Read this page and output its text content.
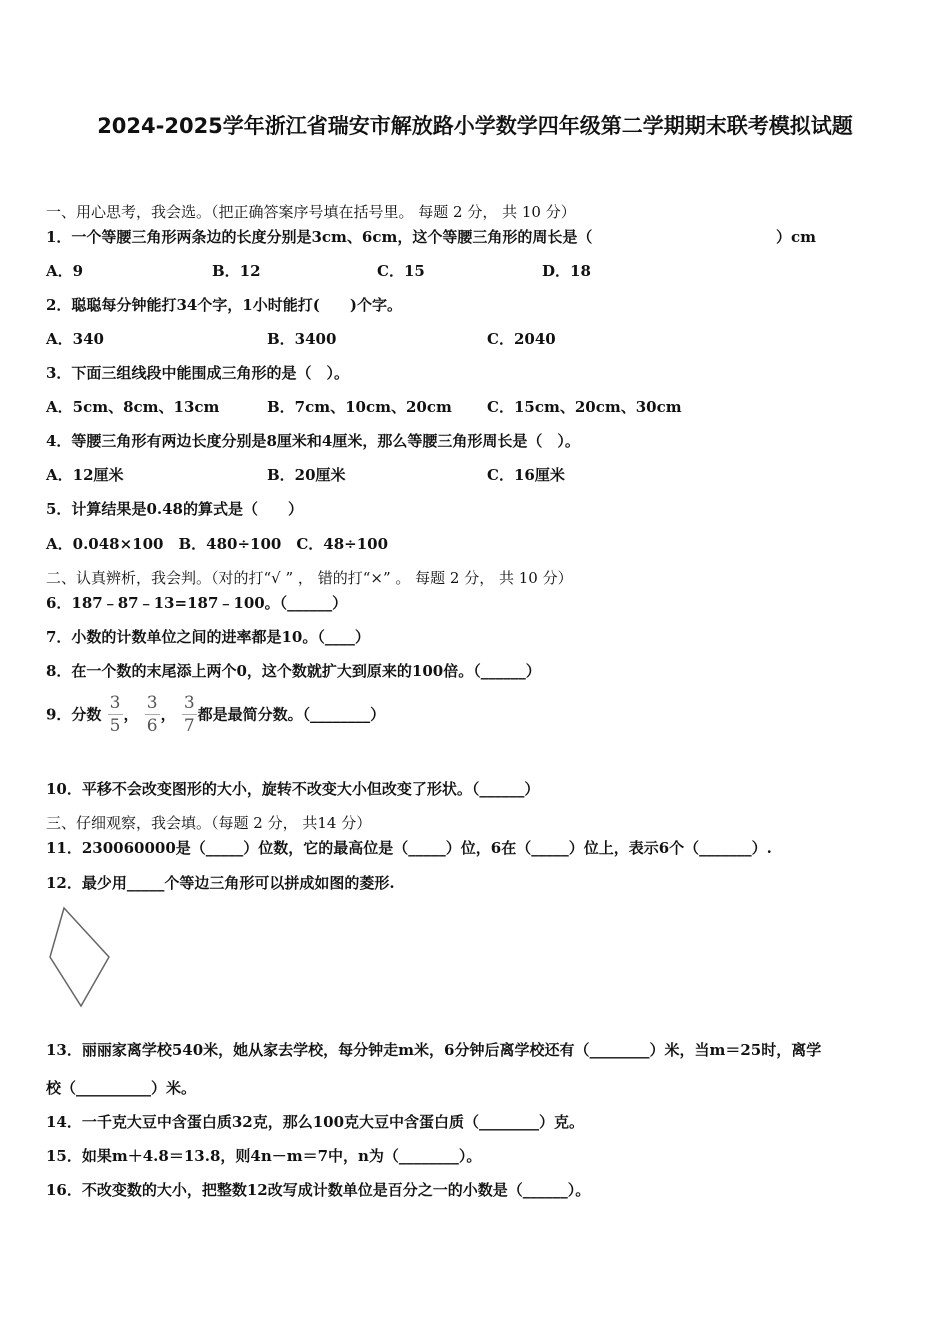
2024-2025学年浙江省瑞安市解放路小学数学四年级第二学期期末联考模拟试题
一、用心思考，我会选。（把正确答案序号填在括号里。 每题 2 分， 共 10 分）
1．一个等腰三角形两条边的长度分别是3cm、6cm，这个等腰三角形的周长是（	）cm
A．9	B．12	C．15	D．18
2．聪聪每分钟能打34个字，1小时能打(　　)个字。
A．340	B．3400	C．2040
3．下面三组线段中能围成三角形的是（　）。
A．5cm、8cm、13cm	B．7cm、10cm、20cm C．15cm、20cm、30cm
4．等腰三角形有两边长度分别是8厘米和4厘米，那么等腰三角形周长是（　）。
A．12厘米	B．20厘米	C．16厘米
5．计算结果是0.48的算式是（　　）
A．0.048×100　B．480÷100　C．48÷100
二、认真辨析，我会判。（对的打“√ ” ， 错的打“×” 。 每题 2 分， 共 10 分）
6．187﹣87﹣13=187﹣100。（______）
7．小数的计数单位之间的进率都是10。（____）
8．在一个数的末尾添上两个0，这个数就扩大到原来的100倍。（______）
9．分数 $\frac{3}{5}$ ， $\frac{3}{6}$ ， $\frac{3}{7}$ 都是最简分数。（________）
10．平移不会改变图形的大小，旋转不改变大小但改变了形状。（______）
三、仔细观察，我会填。（每题 2 分， 共14 分）
11．230060000是（_____）位数，它的最高位是（_____）位，6在（_____）位上，表示6个（_______）.
12．最少用_____个等边三角形可以拼成如图的菱形.
13．丽丽家离学校540米，她从家去学校，每分钟走m米，6分钟后离学校还有（________）米，当m＝25时，离学
校（__________）米。
14．一千克大豆中含蛋白质32克，那么100克大豆中含蛋白质（________）克。
15．如果m＋4.8＝13.8，则4n－m＝7中，n为（________）。
16．不改变数的大小，把整数12改写成计数单位是百分之一的小数是（______）。
